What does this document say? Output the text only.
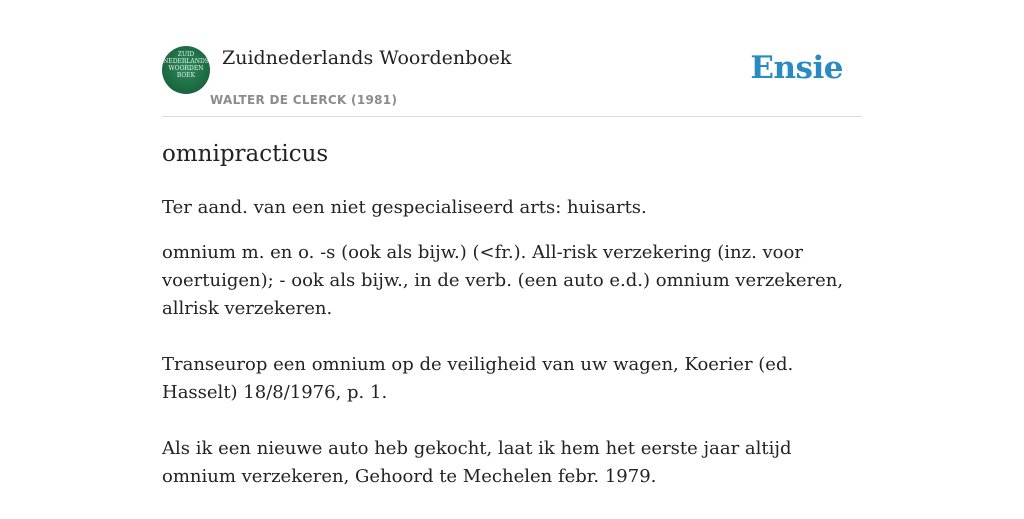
ZUID
NEDERLANDS
WOORDEN
BOEK
Zuidnederlands Woordenboek
WALTER DE CLERCK (1981)
Ensie
omnipracticus
Ter aand. van een niet gespecialiseerd arts: huisarts.

omnium m. en o. -s (ook als bijw.) (<fr.). All-risk verzekering (inz. voor voertuigen); - ook als bijw., in de verb. (een auto e.d.) omnium verzekeren, allrisk verzekeren.

Transeurop een omnium op de veiligheid van uw wagen, Koerier (ed. Hasselt) 18/8/1976, p. 1.

Als ik een nieuwe auto heb gekocht, laat ik hem het eerste jaar altijd omnium verzekeren, Gehoord te Mechelen febr. 1979.
